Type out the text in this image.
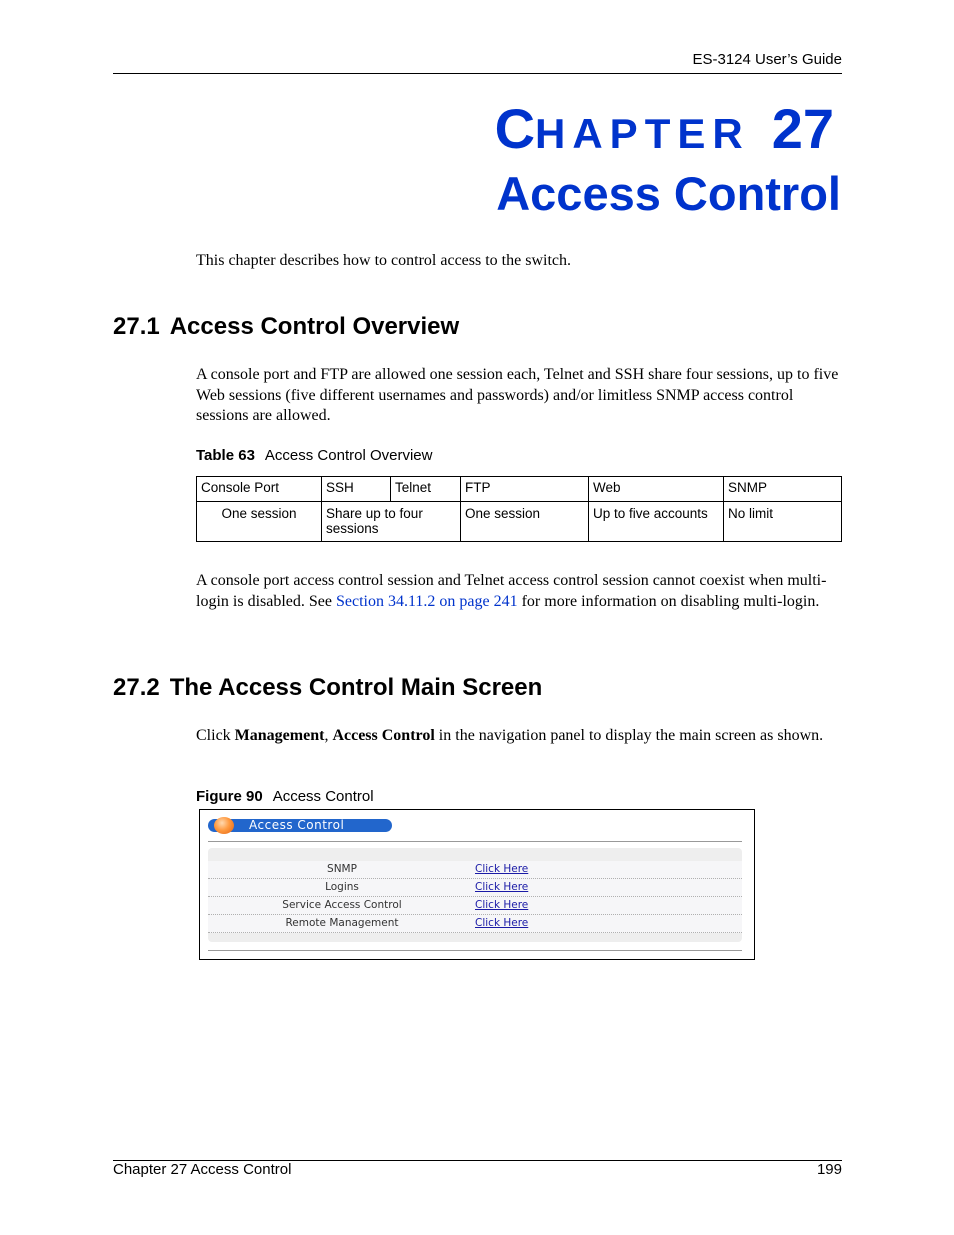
ES-3124 User’s Guide
CHAPTER 27
Access Control
This chapter describes how to control access to the switch.
27.1 Access Control Overview
A console port and FTP are allowed one session each, Telnet and SSH share four sessions, up to five Web sessions (five different usernames and passwords) and/or limitless SNMP access control sessions are allowed.
Table 63 Access Control Overview
Console Port	SSH	Telnet	FTP	Web	SNMP
One session	Share up to four sessions		One session	Up to five accounts	No limit
A console port access control session and Telnet access control session cannot coexist when multi-login is disabled. See Section 34.11.2 on page 241 for more information on disabling multi-login.
27.2 The Access Control Main Screen
Click Management, Access Control in the navigation panel to display the main screen as shown.
Figure 90 Access Control
Access Control
SNMP	Click Here
Logins	Click Here
Service Access Control	Click Here
Remote Management	Click Here
Chapter 27 Access Control	199
